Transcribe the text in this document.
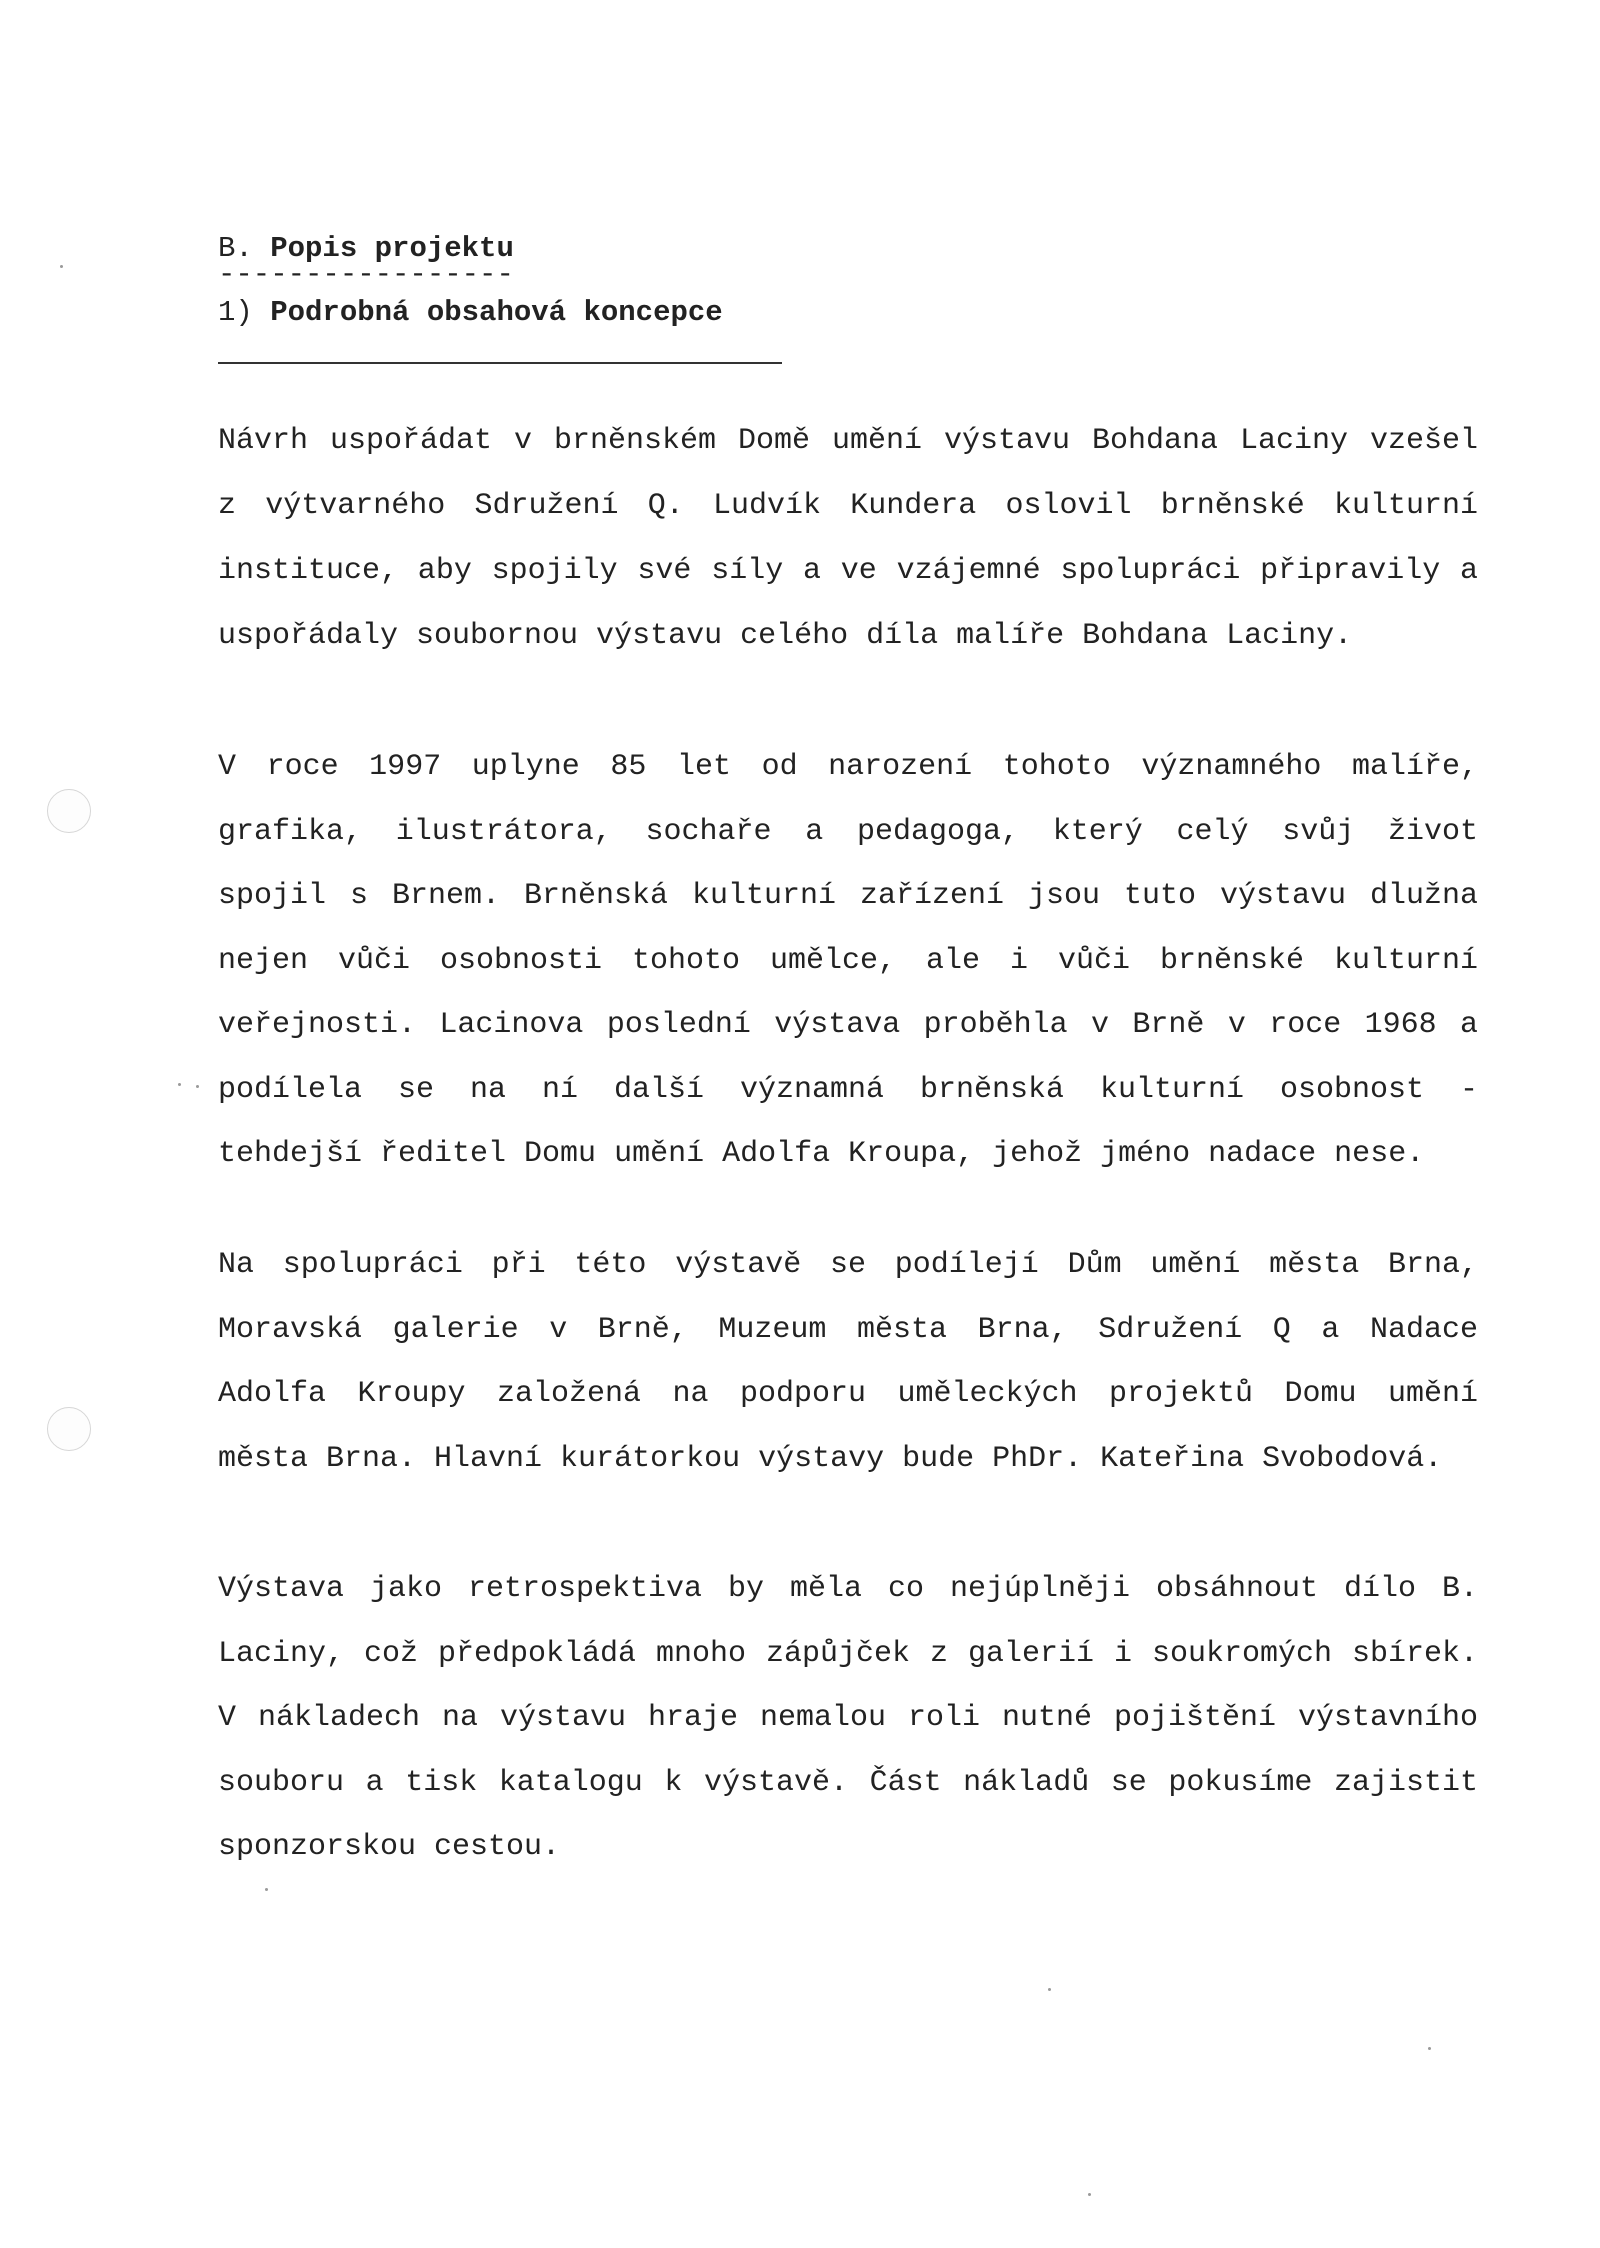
B. Popis projektu
-----------------
1) Podrobná obsahová koncepce
Návrh uspořádat v brněnském Domě umění výstavu Bohdana Laciny vzešel z výtvarného Sdružení Q. Ludvík Kundera oslovil brněnské kulturní instituce, aby spojily své síly a ve vzájemné spolupráci připravily a uspořádaly soubornou výstavu celého díla malíře Bohdana Laciny.
V roce 1997 uplyne 85 let od narození tohoto významného malíře, grafika, ilustrátora, sochaře a pedagoga, který celý svůj život spojil s Brnem. Brněnská kulturní zařízení jsou tuto výstavu dlužna nejen vůči osobnosti tohoto umělce, ale i vůči brněnské kulturní veřejnosti. Lacinova poslední výstava proběhla v Brně v roce 1968 a podílela se na ní další významná brněnská kulturní osobnost - tehdejší ředitel Domu umění Adolfa Kroupa, jehož jméno nadace nese.
Na spolupráci při této výstavě se podílejí Dům umění města Brna, Moravská galerie v Brně, Muzeum města Brna, Sdružení Q a Nadace Adolfa Kroupy založená na podporu uměleckých projektů Domu umění města Brna. Hlavní kurátorkou výstavy bude PhDr. Kateřina Svobodová.
Výstava jako retrospektiva by měla co nejúplněji obsáhnout dílo B. Laciny, což předpokládá mnoho zápůjček z galerií i soukromých sbírek. V nákladech na výstavu hraje nemalou roli nutné pojištění výstavního souboru a tisk katalogu k výstavě. Část nákladů se pokusíme zajistit sponzorskou cestou.
